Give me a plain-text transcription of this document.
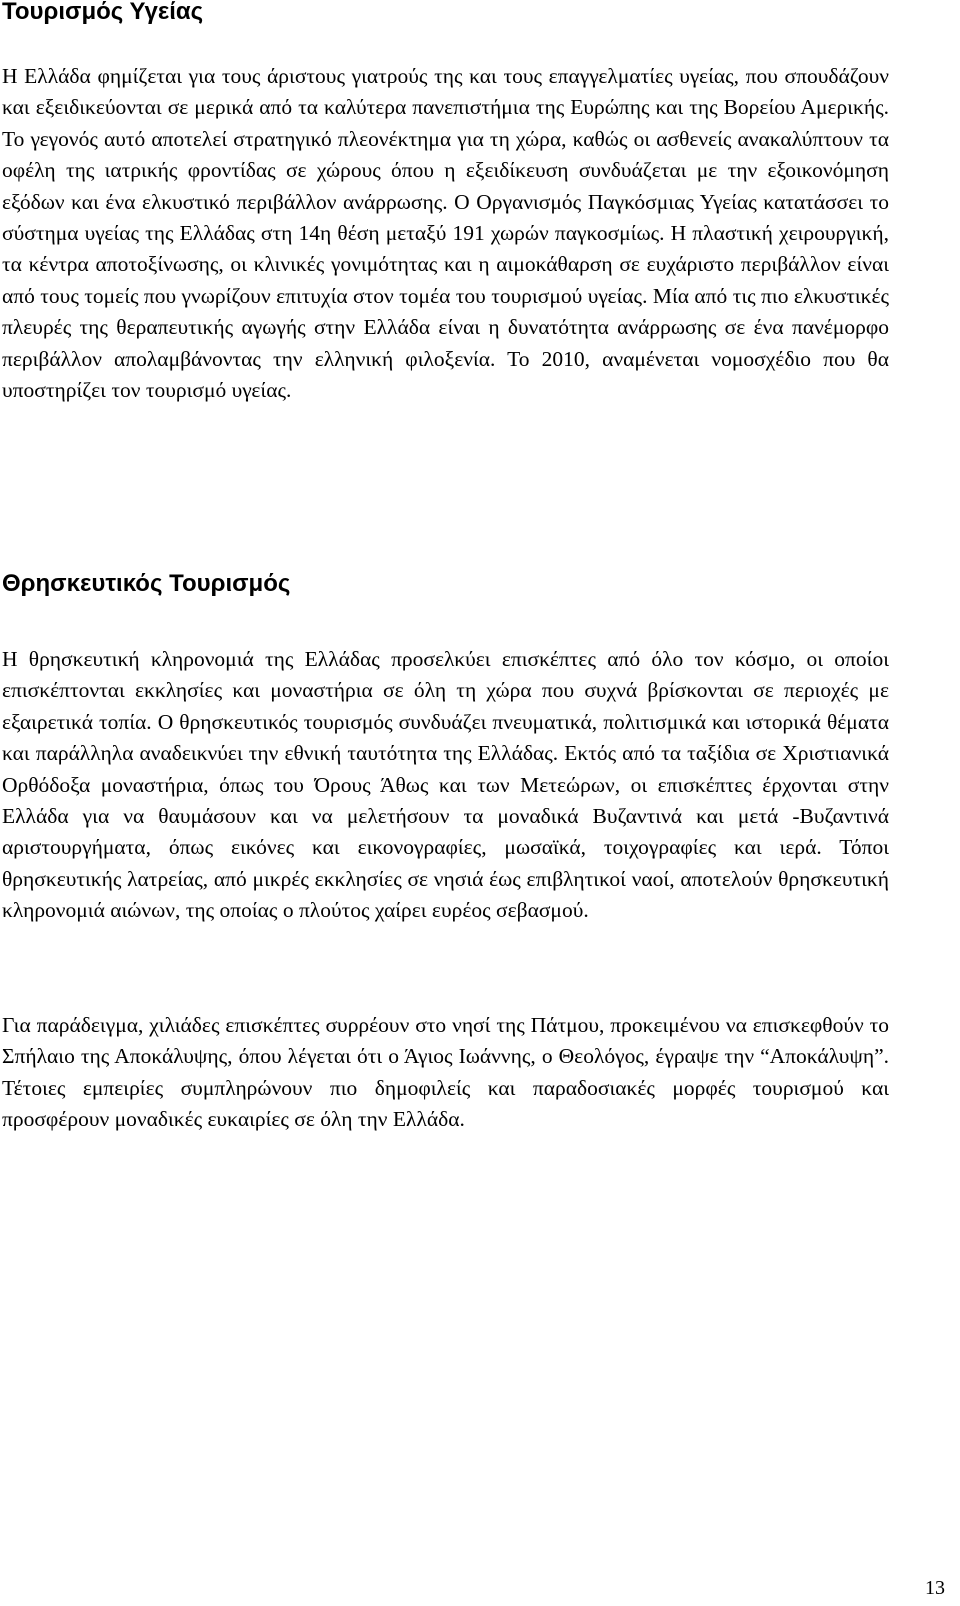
Τουρισμός Υγείας

Η Ελλάδα φημίζεται για τους άριστους γιατρούς της και τους επαγγελματίες υγείας, που σπουδάζουν και εξειδικεύονται σε μερικά από τα καλύτερα πανεπιστήμια της Ευρώπης και της Βορείου Αμερικής. Το γεγονός αυτό αποτελεί στρατηγικό πλεονέκτημα για τη χώρα, καθώς οι ασθενείς ανακαλύπτουν τα οφέλη της ιατρικής φροντίδας σε χώρους όπου η εξειδίκευση συνδυάζεται με την εξοικονόμηση εξόδων και ένα ελκυστικό περιβάλλον ανάρρωσης. Ο Οργανισμός Παγκόσμιας Υγείας κατατάσσει το σύστημα υγείας της Ελλάδας στη 14η θέση μεταξύ 191 χωρών παγκοσμίως. Η πλαστική χειρουργική, τα κέντρα αποτοξίνωσης, οι κλινικές γονιμότητας και η αιμοκάθαρση σε ευχάριστο περιβάλλον είναι από τους τομείς που γνωρίζουν επιτυχία στον τομέα του τουρισμού υγείας. Μία από τις πιο ελκυστικές πλευρές της θεραπευτικής αγωγής στην Ελλάδα είναι η δυνατότητα ανάρρωσης σε ένα πανέμορφο περιβάλλον απολαμβάνοντας την ελληνική φιλοξενία. Το 2010, αναμένεται νομοσχέδιο που θα υποστηρίζει τον τουρισμό υγείας.

Θρησκευτικός Τουρισμός

Η θρησκευτική κληρονομιά της Ελλάδας προσελκύει επισκέπτες από όλο τον κόσμο, οι οποίοι επισκέπτονται εκκλησίες και μοναστήρια σε όλη τη χώρα που συχνά βρίσκονται σε περιοχές με εξαιρετικά τοπία. Ο θρησκευτικός τουρισμός συνδυάζει πνευματικά, πολιτισμικά και ιστορικά θέματα και παράλληλα αναδεικνύει την εθνική ταυτότητα της Ελλάδας. Εκτός από τα ταξίδια σε Χριστιανικά Ορθόδοξα μοναστήρια, όπως του Όρους Άθως και των Μετεώρων, οι επισκέπτες έρχονται στην Ελλάδα για να θαυμάσουν και να μελετήσουν τα μοναδικά Βυζαντινά και μετά -Βυζαντινά αριστουργήματα, όπως εικόνες και εικονογραφίες, μωσαϊκά, τοιχογραφίες και ιερά. Τόποι θρησκευτικής λατρείας, από μικρές εκκλησίες σε νησιά έως επιβλητικοί ναοί, αποτελούν θρησκευτική κληρονομιά αιώνων, της οποίας ο πλούτος χαίρει ευρέος σεβασμού.

Για παράδειγμα, χιλιάδες επισκέπτες συρρέουν στο νησί της Πάτμου, προκειμένου να επισκεφθούν το Σπήλαιο της Αποκάλυψης, όπου λέγεται ότι ο Άγιος Ιωάννης, ο Θεολόγος, έγραψε την “Αποκάλυψη”. Τέτοιες εμπειρίες συμπληρώνουν πιο δημοφιλείς και παραδοσιακές μορφές τουρισμού και προσφέρουν μοναδικές ευκαιρίες σε όλη την Ελλάδα.

13
